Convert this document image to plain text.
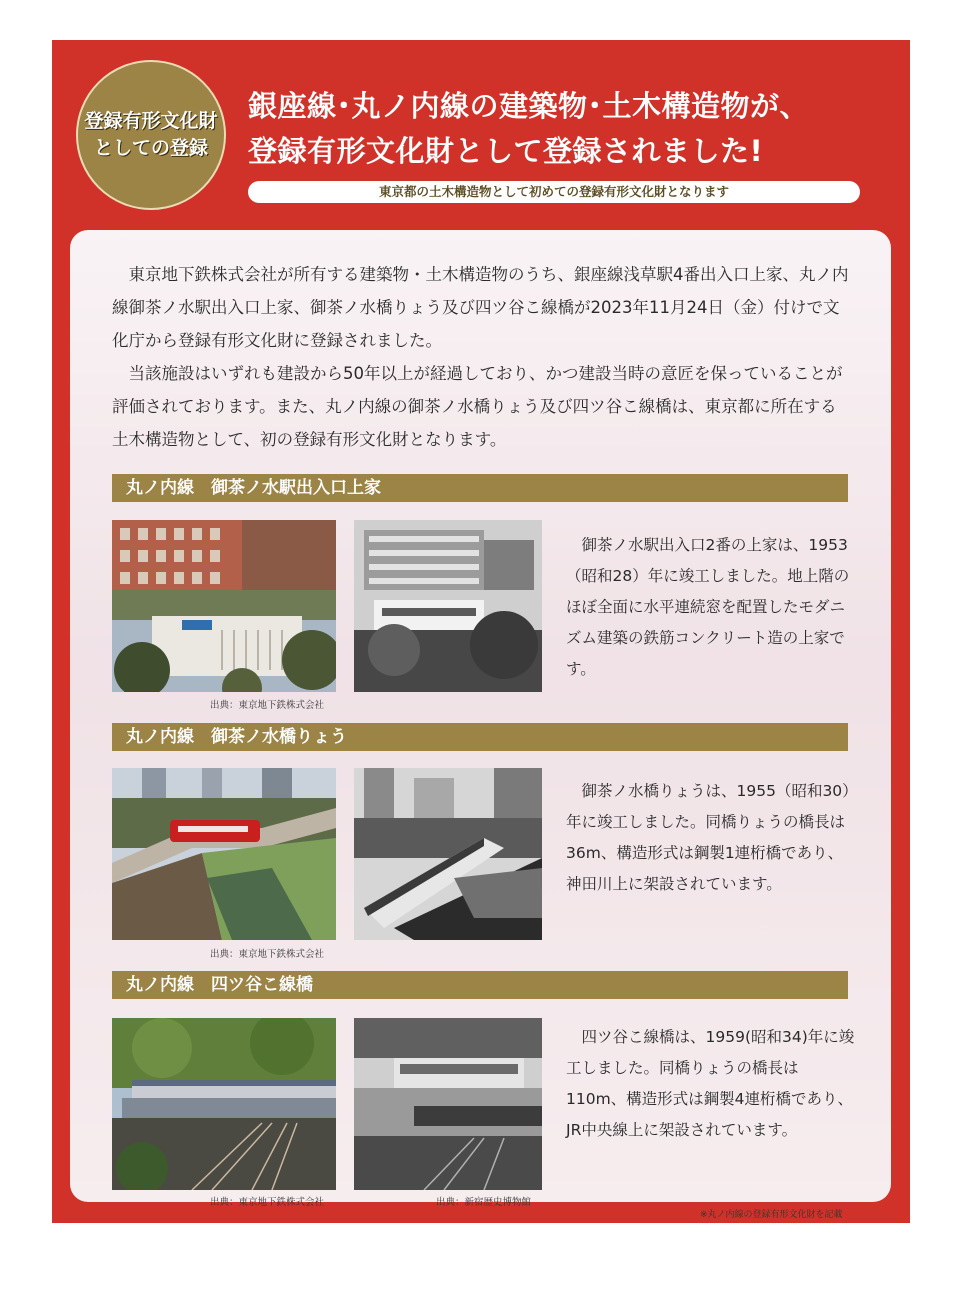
登録有形文化財
としての登録
銀座線･丸ノ内線の建築物･土木構造物が、
登録有形文化財として登録されました!
東京都の土木構造物として初めての登録有形文化財となります

東京地下鉄株式会社が所有する建築物・土木構造物のうち、銀座線浅草駅4番出入口上家、丸ノ内線御茶ノ水駅出入口上家、御茶ノ水橋りょう及び四ツ谷こ線橋が2023年11月24日（金）付けで文化庁から登録有形文化財に登録されました。

当該施設はいずれも建設から50年以上が経過しており、かつ建設当時の意匠を保っていることが評価されております。また、丸ノ内線の御茶ノ水橋りょう及び四ツ谷こ線橋は、東京都に所在する土木構造物として、初の登録有形文化財となります。

丸ノ内線　御茶ノ水駅出入口上家
出典：東京地下鉄株式会社

御茶ノ水駅出入口2番の上家は、1953（昭和28）年に竣工しました。地上階のほぼ全面に水平連続窓を配置したモダニズム建築の鉄筋コンクリート造の上家です。

丸ノ内線　御茶ノ水橋りょう
出典：東京地下鉄株式会社

御茶ノ水橋りょうは、1955（昭和30）年に竣工しました。同橋りょうの橋長は36m、構造形式は鋼製1連桁橋であり、神田川上に架設されています。

丸ノ内線　四ツ谷こ線橋
出典：東京地下鉄株式会社	出典：新宿歴史博物館

四ツ谷こ線橋は、1959(昭和34)年に竣工しました。同橋りょうの橋長は110m、構造形式は鋼製4連桁橋であり、JR中央線上に架設されています。

※丸ノ内線の登録有形文化財を記載
